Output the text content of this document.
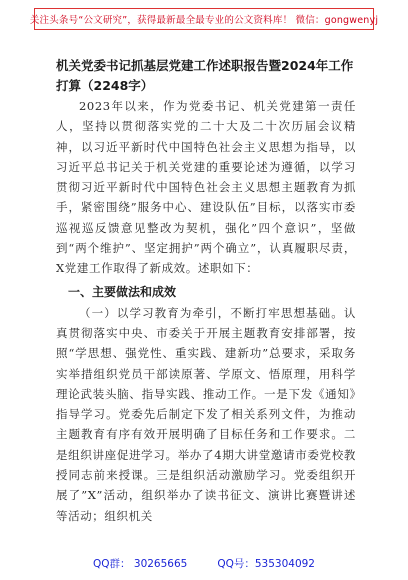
关注头条号“公文研究”，获得最新最全最专业的公文资料库！ 微信：gongwenyj

机关党委书记抓基层党建工作述职报告暨2024年工作打算（2248字）

2023年以来，作为党委书记、机关党建第一责任人，坚持以贯彻落实党的二十大及二十次历届会议精神，以习近平新时代中国特色社会主义思想为指导，以习近平总书记关于机关党建的重要论述为遵循，以学习贯彻习近平新时代中国特色社会主义思想主题教育为抓手，紧密围绕”服务中心、建设队伍”目标，以落实市委巡视巡反馈意见整改为契机，强化”四个意识”，坚做到“两个维护”、坚定拥护”两个确立”，认真履职尽责，X党建工作取得了新成效。述职如下：

一、主要做法和成效

（一）以学习教育为牵引，不断打牢思想基础。认真贯彻落实中央、市委关于开展主题教育安排部署，按照“学思想、强党性、重实践、建新功”总要求，采取务实举措组织党员干部读原著、学原文、悟原理，用科学理论武装头脑、指导实践、推动工作。一是下发《通知》指导学习。党委先后制定下发了相关系列文件，为推动主题教育有序有效开展明确了目标任务和工作要求。二是组织讲座促进学习。举办了4期大讲堂邀请市委党校教授同志前来授课。三是组织活动激励学习。党委组织开展了”X”活动，组织举办了读书征文、演讲比赛暨讲述等活动；组织机关

QQ群： 30265665	QQ号：535304092
